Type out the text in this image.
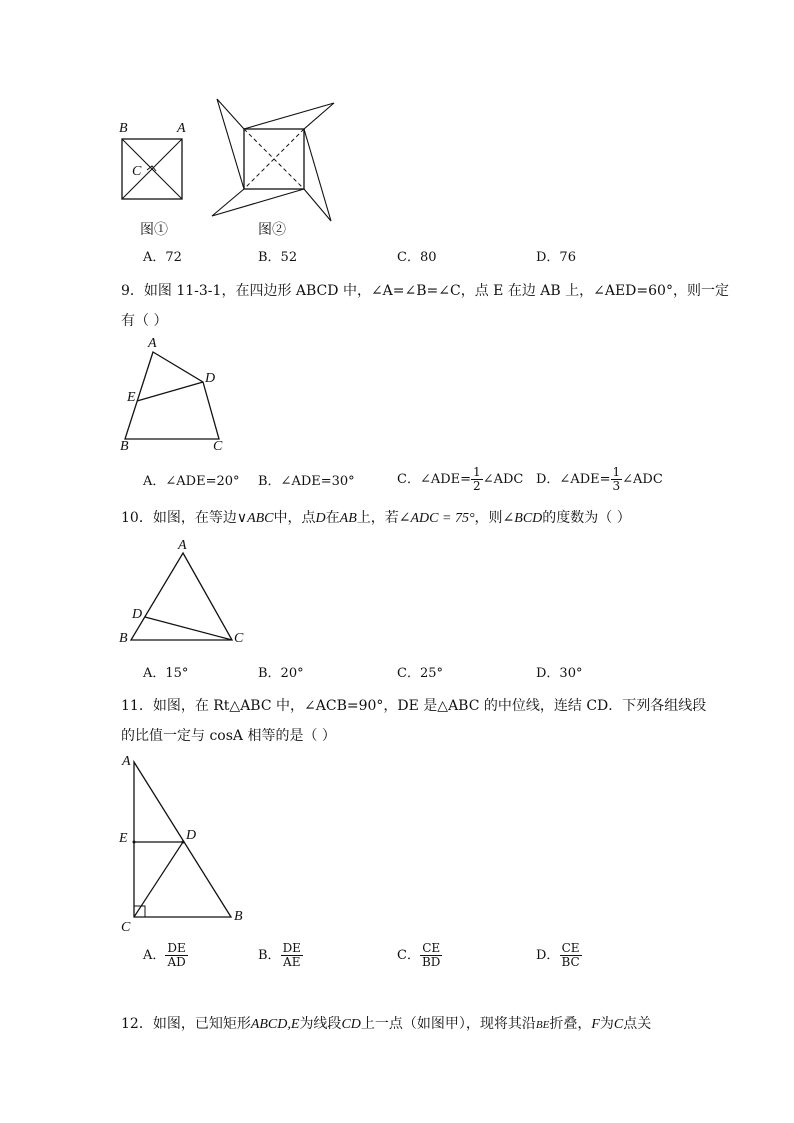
B	A
C
图①	图②
A．72	B．52	C．80	D．76
9．如图 11-3-1，在四边形 ABCD 中，∠A=∠B=∠C，点 E 在边 AB 上，∠AED=60°，则一定
有（ ）
A
D
E
B	C
A．∠ADE=20° B．∠ADE=30°	C．∠ADE= $\frac{1}{2}$ ∠ADC D．∠ADE= $\frac{1}{3}$ ∠ADC
10．如图，在等边∨ABC中，点D在AB上，若∠ADC = 75°，则∠BCD的度数为（ ）
A
D
B	C
A．15°	B．20°	C．25°	D．30°
11．如图，在 Rt△ABC 中，∠ACB=90°，DE 是△ABC 的中位线，连结 CD．下列各组线段
的比值一定与 cosA 相等的是（ ）
A
E	D
C
B
A． $\frac{DE}{AD}$	B． $\frac{DE}{AE}$	C． $\frac{CE}{BD}$	D． $\frac{CE}{BC}$
12．如图，已知矩形ABCD,E为线段CD上一点（如图甲），现将其沿BE折叠，F为C点关
